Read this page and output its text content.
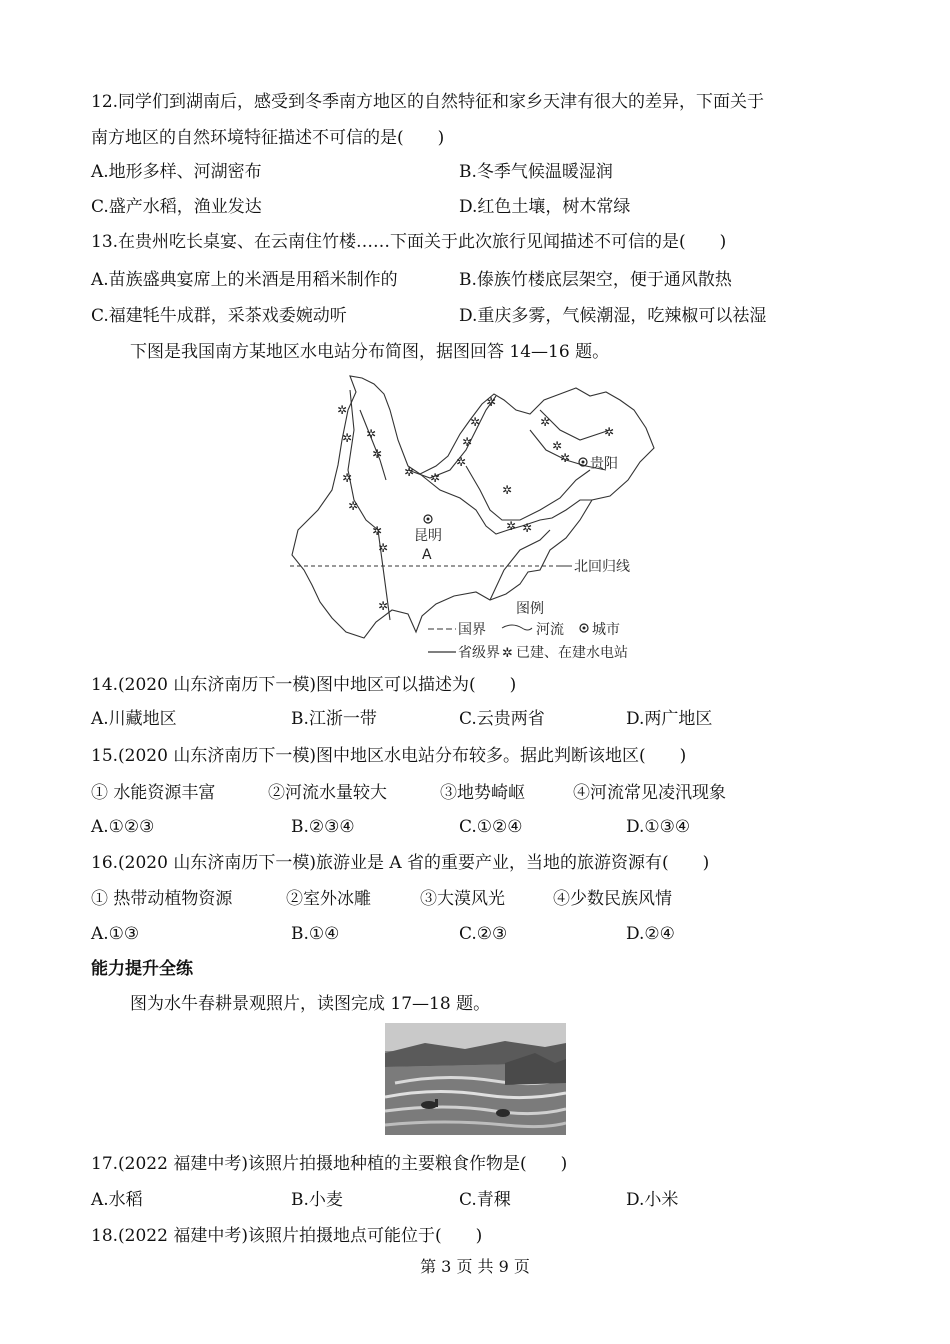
12.同学们到湖南后，感受到冬季南方地区的自然特征和家乡天津有很大的差异，下面关于
南方地区的自然环境特征描述不可信的是(　　)
A.地形多样、河湖密布	B.冬季气候温暖湿润
C.盛产水稻，渔业发达	D.红色土壤，树木常绿
13.在贵州吃长桌宴、在云南住竹楼……下面关于此次旅行见闻描述不可信的是(　　)
A.苗族盛典宴席上的米酒是用稻米制作的	B.傣族竹楼底层架空，便于通风散热
C.福建牦牛成群，采茶戏委婉动听	D.重庆多雾，气候潮湿，吃辣椒可以祛湿
下图是我国南方某地区水电站分布简图，据图回答 14—16 题。
北回归线
✲
✲ ✲
✲
✲
✲
✲
✲
✲
✲ ✲
✲
✲
✲
✲
✲
✲ ✲
✲
✲
✲
✲
昆明
A
贵阳
图例
国界	河流 城市
省级界 ✲ 已建、在建水电站
14.(2020 山东济南历下一模)图中地区可以描述为(　　)
A.川藏地区	B.江浙一带	C.云贵两省	D.两广地区
15.(2020 山东济南历下一模)图中地区水电站分布较多。据此判断该地区(　　)
① 水能资源丰富	②河流水量较大	③地势崎岖	④河流常见凌汛现象
A.①②③	B.②③④	C.①②④	D.①③④
16.(2020 山东济南历下一模)旅游业是 A 省的重要产业，当地的旅游资源有(　　)
① 热带动植物资源	②室外冰雕	③大漠风光	④少数民族风情
A.①③	B.①④	C.②③	D.②④
能力提升全练
图为水牛春耕景观照片，读图完成 17—18 题。
17.(2022 福建中考)该照片拍摄地种植的主要粮食作物是(　　)
A.水稻	B.小麦	C.青稞	D.小米
18.(2022 福建中考)该照片拍摄地点可能位于(　　)
第 3 页 共 9 页
